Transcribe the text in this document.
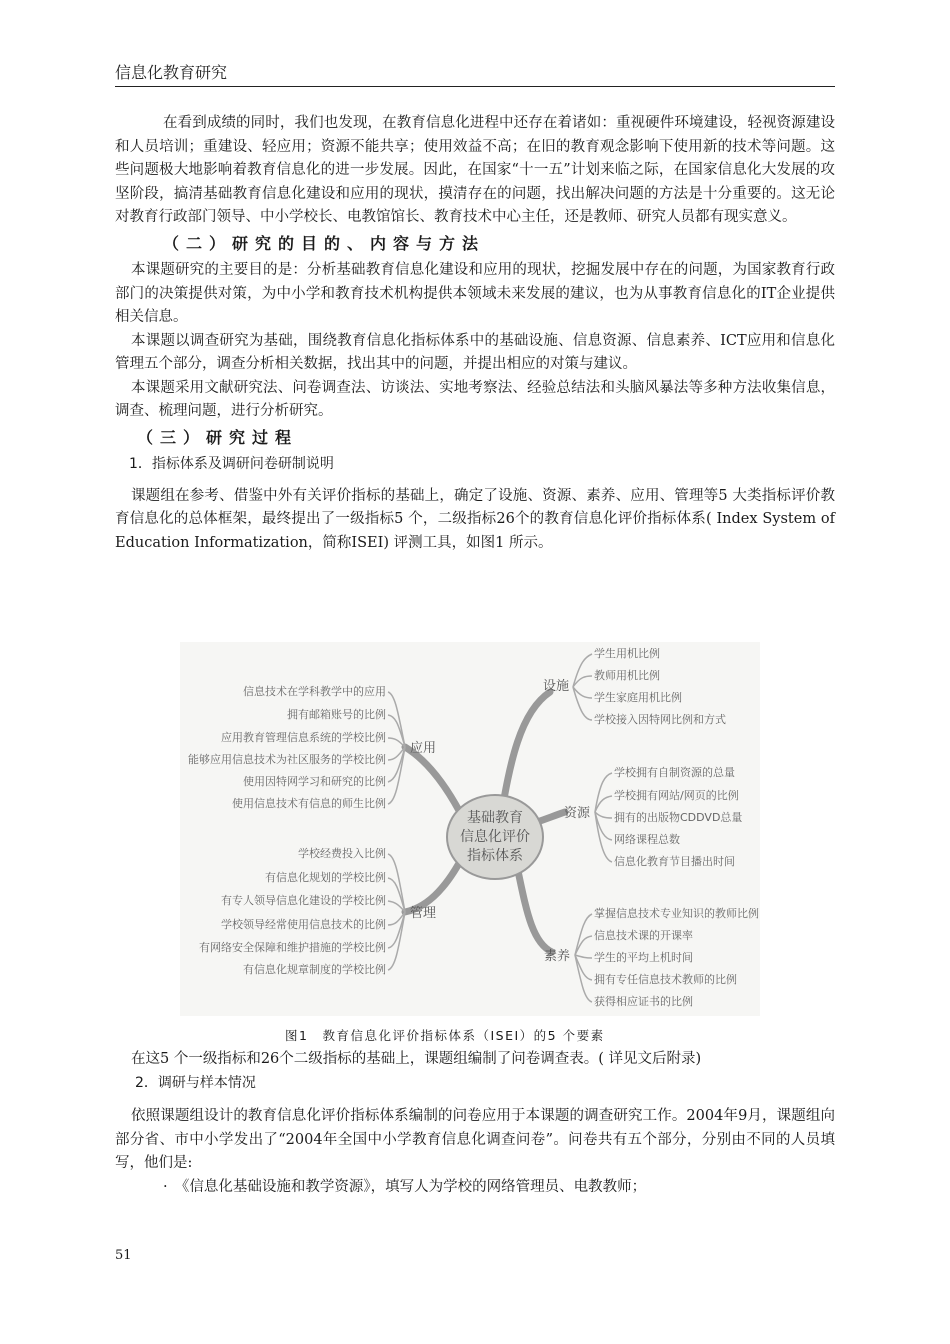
信息化教育研究

在看到成绩的同时，我们也发现，在教育信息化进程中还存在着诸如：重视硬件环境建设，轻视资源建设和人员培训；重建设、轻应用；资源不能共享；使用效益不高；在旧的教育观念影响下使用新的技术等问题。这些问题极大地影响着教育信息化的进一步发展。因此，在国家“十一五”计划来临之际，在国家信息化大发展的攻坚阶段，搞清基础教育信息化建设和应用的现状，摸清存在的问题，找出解决问题的方法是十分重要的。这无论对教育行政部门领导、中小学校长、电教馆馆长、教育技术中心主任，还是教师、研究人员都有现实意义。

（二）研究的目的、内容与方法

本课题研究的主要目的是：分析基础教育信息化建设和应用的现状，挖掘发展中存在的问题，为国家教育行政部门的决策提供对策，为中小学和教育技术机构提供本领域未来发展的建议，也为从事教育信息化的IT企业提供相关信息。

本课题以调查研究为基础，围绕教育信息化指标体系中的基础设施、信息资源、信息素养、ICT应用和信息化管理五个部分，调查分析相关数据，找出其中的问题，并提出相应的对策与建议。

本课题采用文献研究法、问卷调查法、访谈法、实地考察法、经验总结法和头脑风暴法等多种方法收集信息，调查、梳理问题，进行分析研究。

（三）研究过程
1．指标体系及调研问卷研制说明

课题组在参考、借鉴中外有关评价指标的基础上，确定了设施、资源、素养、应用、管理等5 大类指标评价教育信息化的总体框架，最终提出了一级指标5 个，二级指标26个的教育信息化评价指标体系( Index System of Education Informatization，简称ISEI) 评测工具，如图1 所示。

基础教育
信息化评价
指标体系
设施
学生用机比例
教师用机比例
学生家庭用机比例
学校接入因特网比例和方式
资源
学校拥有自制资源的总量
学校拥有网站/网页的比例
拥有的出版物CDDVD总量
网络课程总数
信息化教育节目播出时间
素养
掌握信息技术专业知识的教师比例
信息技术课的开课率
学生的平均上机时间
拥有专任信息技术教师的比例
获得相应证书的比例
应用
信息技术在学科教学中的应用
拥有邮箱账号的比例
应用教育管理信息系统的学校比例
能够应用信息技术为社区服务的学校比例
使用因特网学习和研究的比例
使用信息技术有信息的师生比例
管理
学校经费投入比例
有信息化规划的学校比例
有专人领导信息化建设的学校比例
学校领导经常使用信息技术的比例
有网络安全保障和维护措施的学校比例
有信息化规章制度的学校比例
图1　教育信息化评价指标体系（ISEI）的5 个要素

在这5 个一级指标和26个二级指标的基础上，课题组编制了问卷调查表。( 详见文后附录)

2．调研与样本情况

依照课题组设计的教育信息化评价指标体系编制的问卷应用于本课题的调查研究工作。2004年9月，课题组向部分省、市中小学发出了“2004年全国中小学教育信息化调查问卷”。问卷共有五个部分，分别由不同的人员填写，他们是:

·　《信息化基础设施和教学资源》，填写人为学校的网络管理员、电教教师；

51
